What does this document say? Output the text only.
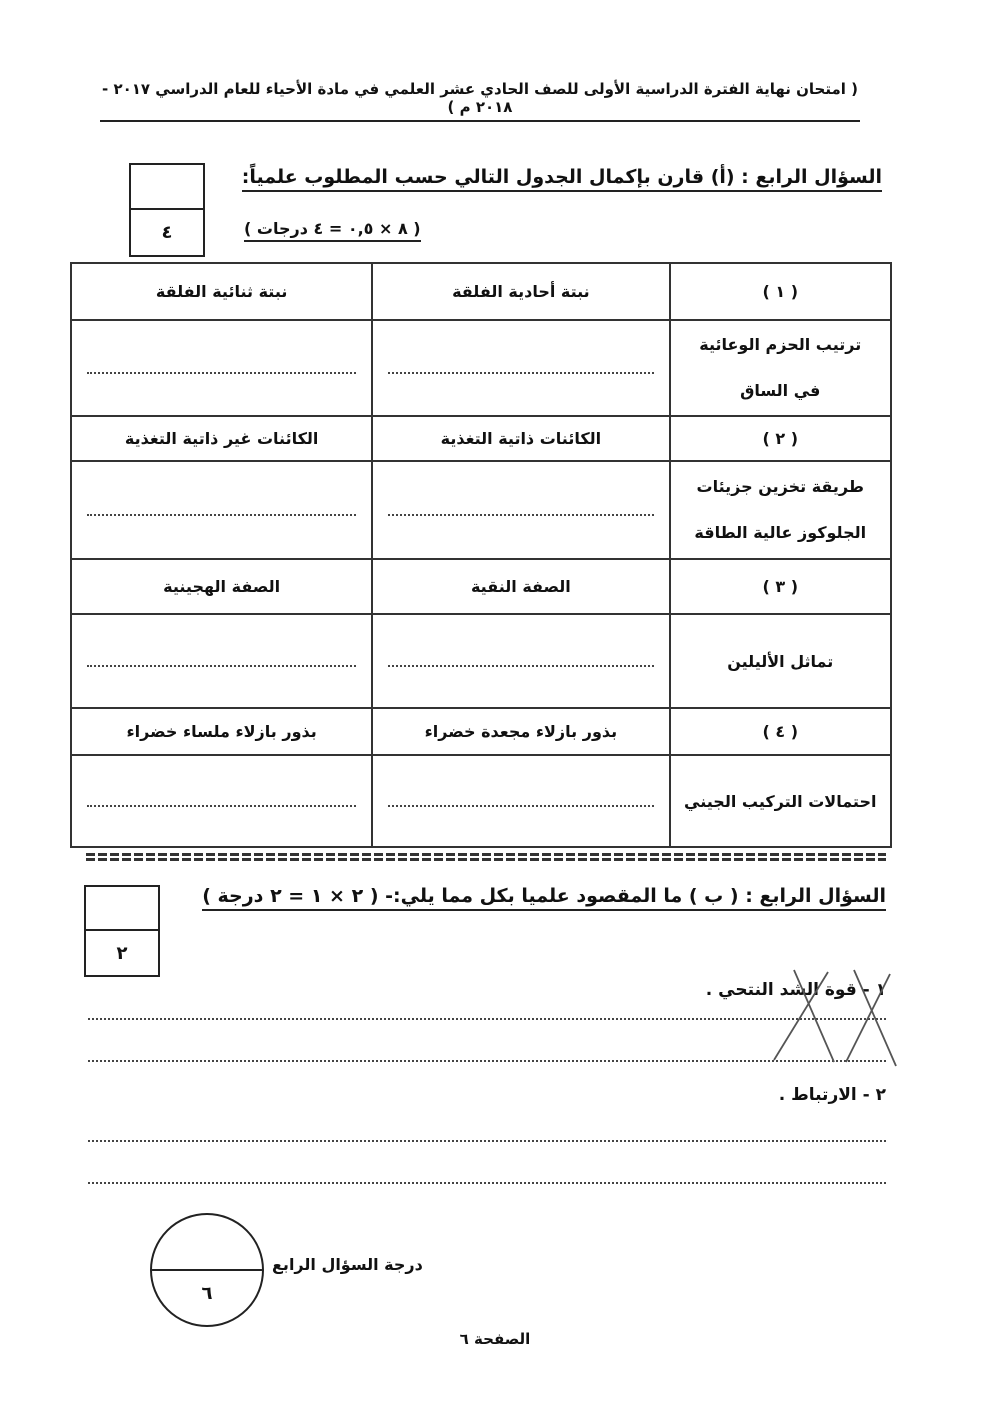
( امتحان نهاية الفترة الدراسية الأولى للصف الحادي عشر العلمي في مادة الأحياء للعام الدراسي ٢٠١٧ - ٢٠١٨ م )
٤
السؤال الرابع : (أ) قارن بإكمال الجدول التالي حسب المطلوب علمياً:
( ٨ × ٠,٥ = ٤ درجات )
( ١ )	نبتة أحادية الفلقة	نبتة ثنائية الفلقة

ترتيب الحزم الوعائية
في الساق		

( ٢ )	الكائنات ذاتية التغذية	الكائنات غير ذاتية التغذية

طريقة تخزين جزيئات
الجلوكوز عالية الطاقة		

( ٣ )	الصفة النقية	الصفة الهجينية
تماثل الأليلين	

( ٤ )	بذور بازلاء مجعدة خضراء	بذور بازلاء ملساء خضراء
احتمالات التركيب الجيني	

٢
السؤال الرابع : ( ب ) ما المقصود علميا بكل مما يلي:- ( ٢ × ١ = ٢ درجة )
١ - قوة الشد النتحي .
٢ - الارتباط .
٦
درجة السؤال الرابع
الصفحة ٦
